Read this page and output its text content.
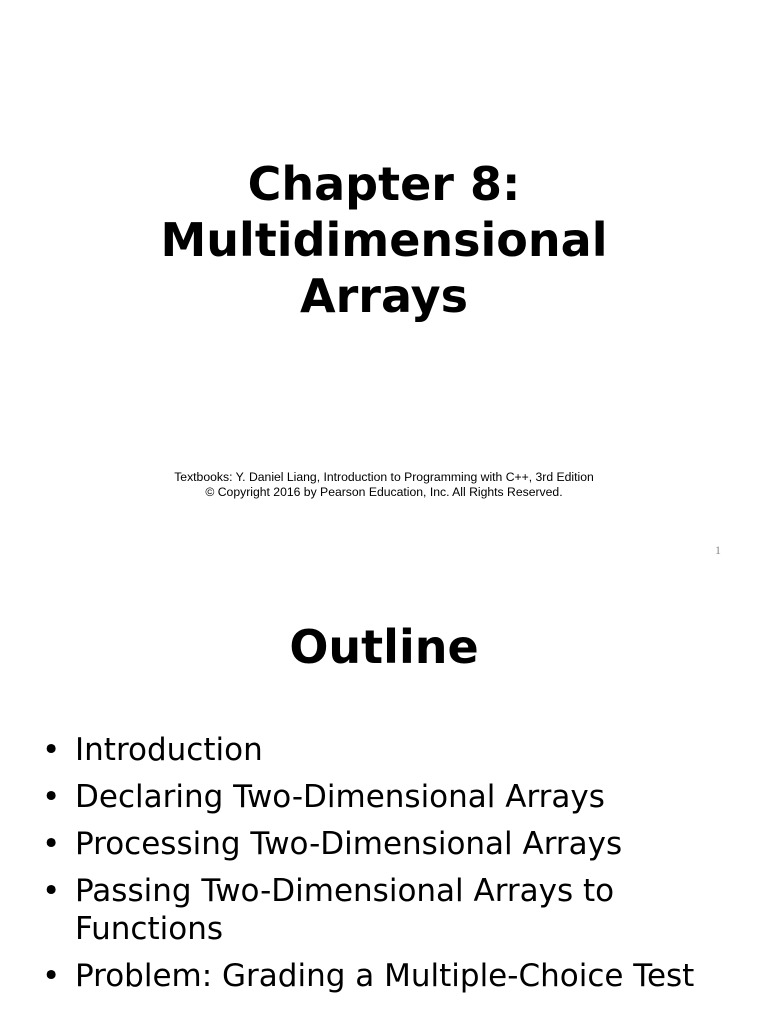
Chapter 8:
Multidimensional
Arrays
Textbooks: Y. Daniel Liang, Introduction to Programming with C++, 3rd Edition
© Copyright 2016 by Pearson Education, Inc. All Rights Reserved.
1
Outline
• Introduction
• Declaring Two-Dimensional Arrays
• Processing Two-Dimensional Arrays
• Passing Two-Dimensional Arrays to Functions
• Problem: Grading a Multiple-Choice Test
